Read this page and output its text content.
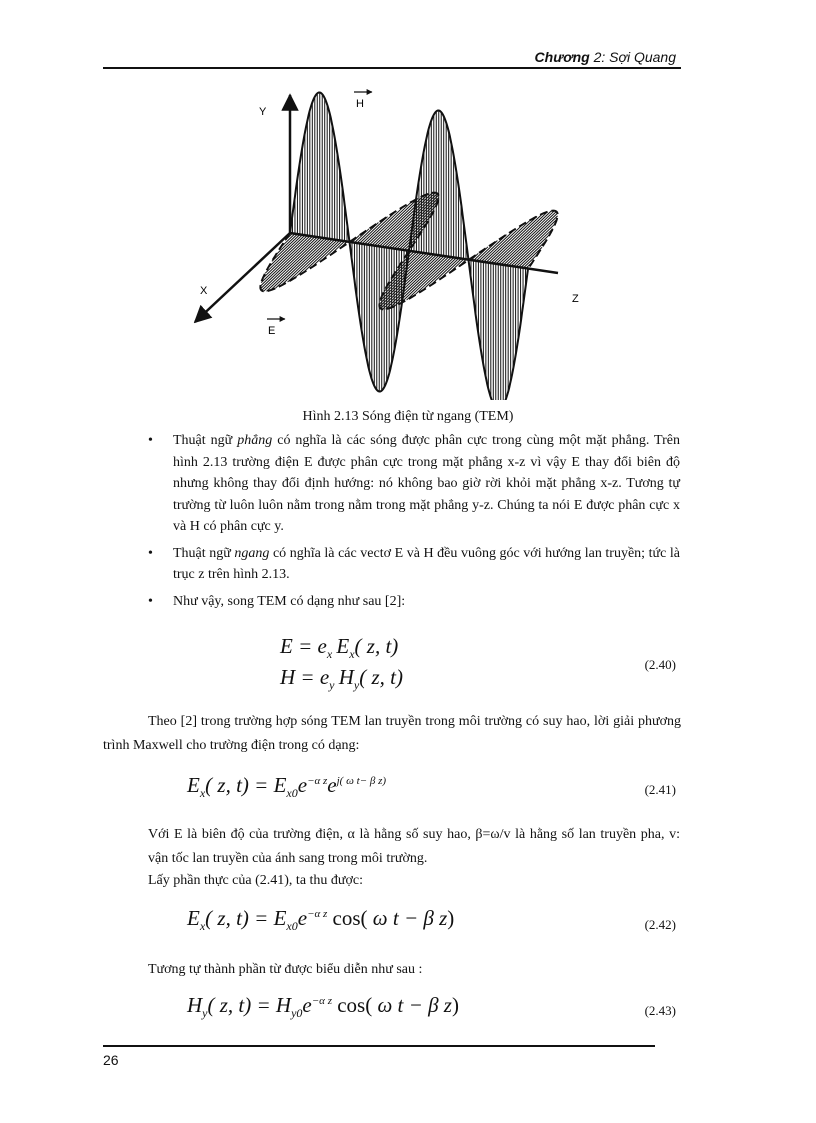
Chương 2: Sợi Quang
Y
X
Z
H
E
Hình 2.13 Sóng điện từ ngang (TEM)
• Thuật ngữ phẳng có nghĩa là các sóng được phân cực trong cùng một mặt phẳng. Trên hình 2.13 trường điện E được phân cực trong mặt phẳng x-z vì vậy E thay đổi biên độ nhưng không thay đổi định hướng: nó không bao giờ rời khỏi mặt phẳng x-z. Tương tự trường từ luôn luôn nằm trong nằm trong mặt phẳng y-z. Chúng ta nói E được phân cực x và H có phân cực y.
• Thuật ngữ ngang có nghĩa là các vectơ E và H đều vuông góc với hướng lan truyền; tức là trục z trên hình 2.13.
• Như vậy, song TEM có dạng như sau [2]:
$E = e_x$ $E_x$( z, t)
$H = e_y$ $H_y$( z, t)
(2.40)
Theo [2] trong trường hợp sóng TEM lan truyền trong môi trường có suy hao, lời giải phương trình Maxwell cho trường điện trong có dạng:
$E_x$( z, $t) = E_{x0}e^{-\alpha z}e^{j( \omega t- \beta z)}$
(2.41)
Với E là biên độ của trường điện, α là hằng số suy hao, β=ω/v là hằng số lan truyền pha, v: vận tốc lan truyền của ánh sang trong môi trường.
Lấy phần thực của (2.41), ta thu được:
$E_x$( z, $t) = E_{x0}e^{-\alpha z}$ cos( ω t − β z)	(2.42)
Tương tự thành phần từ được biểu diễn như sau :
$H_y$( z, $t) = H_{y0}e^{-\alpha z}$ cos( ω t − β z)	(2.43)
26
